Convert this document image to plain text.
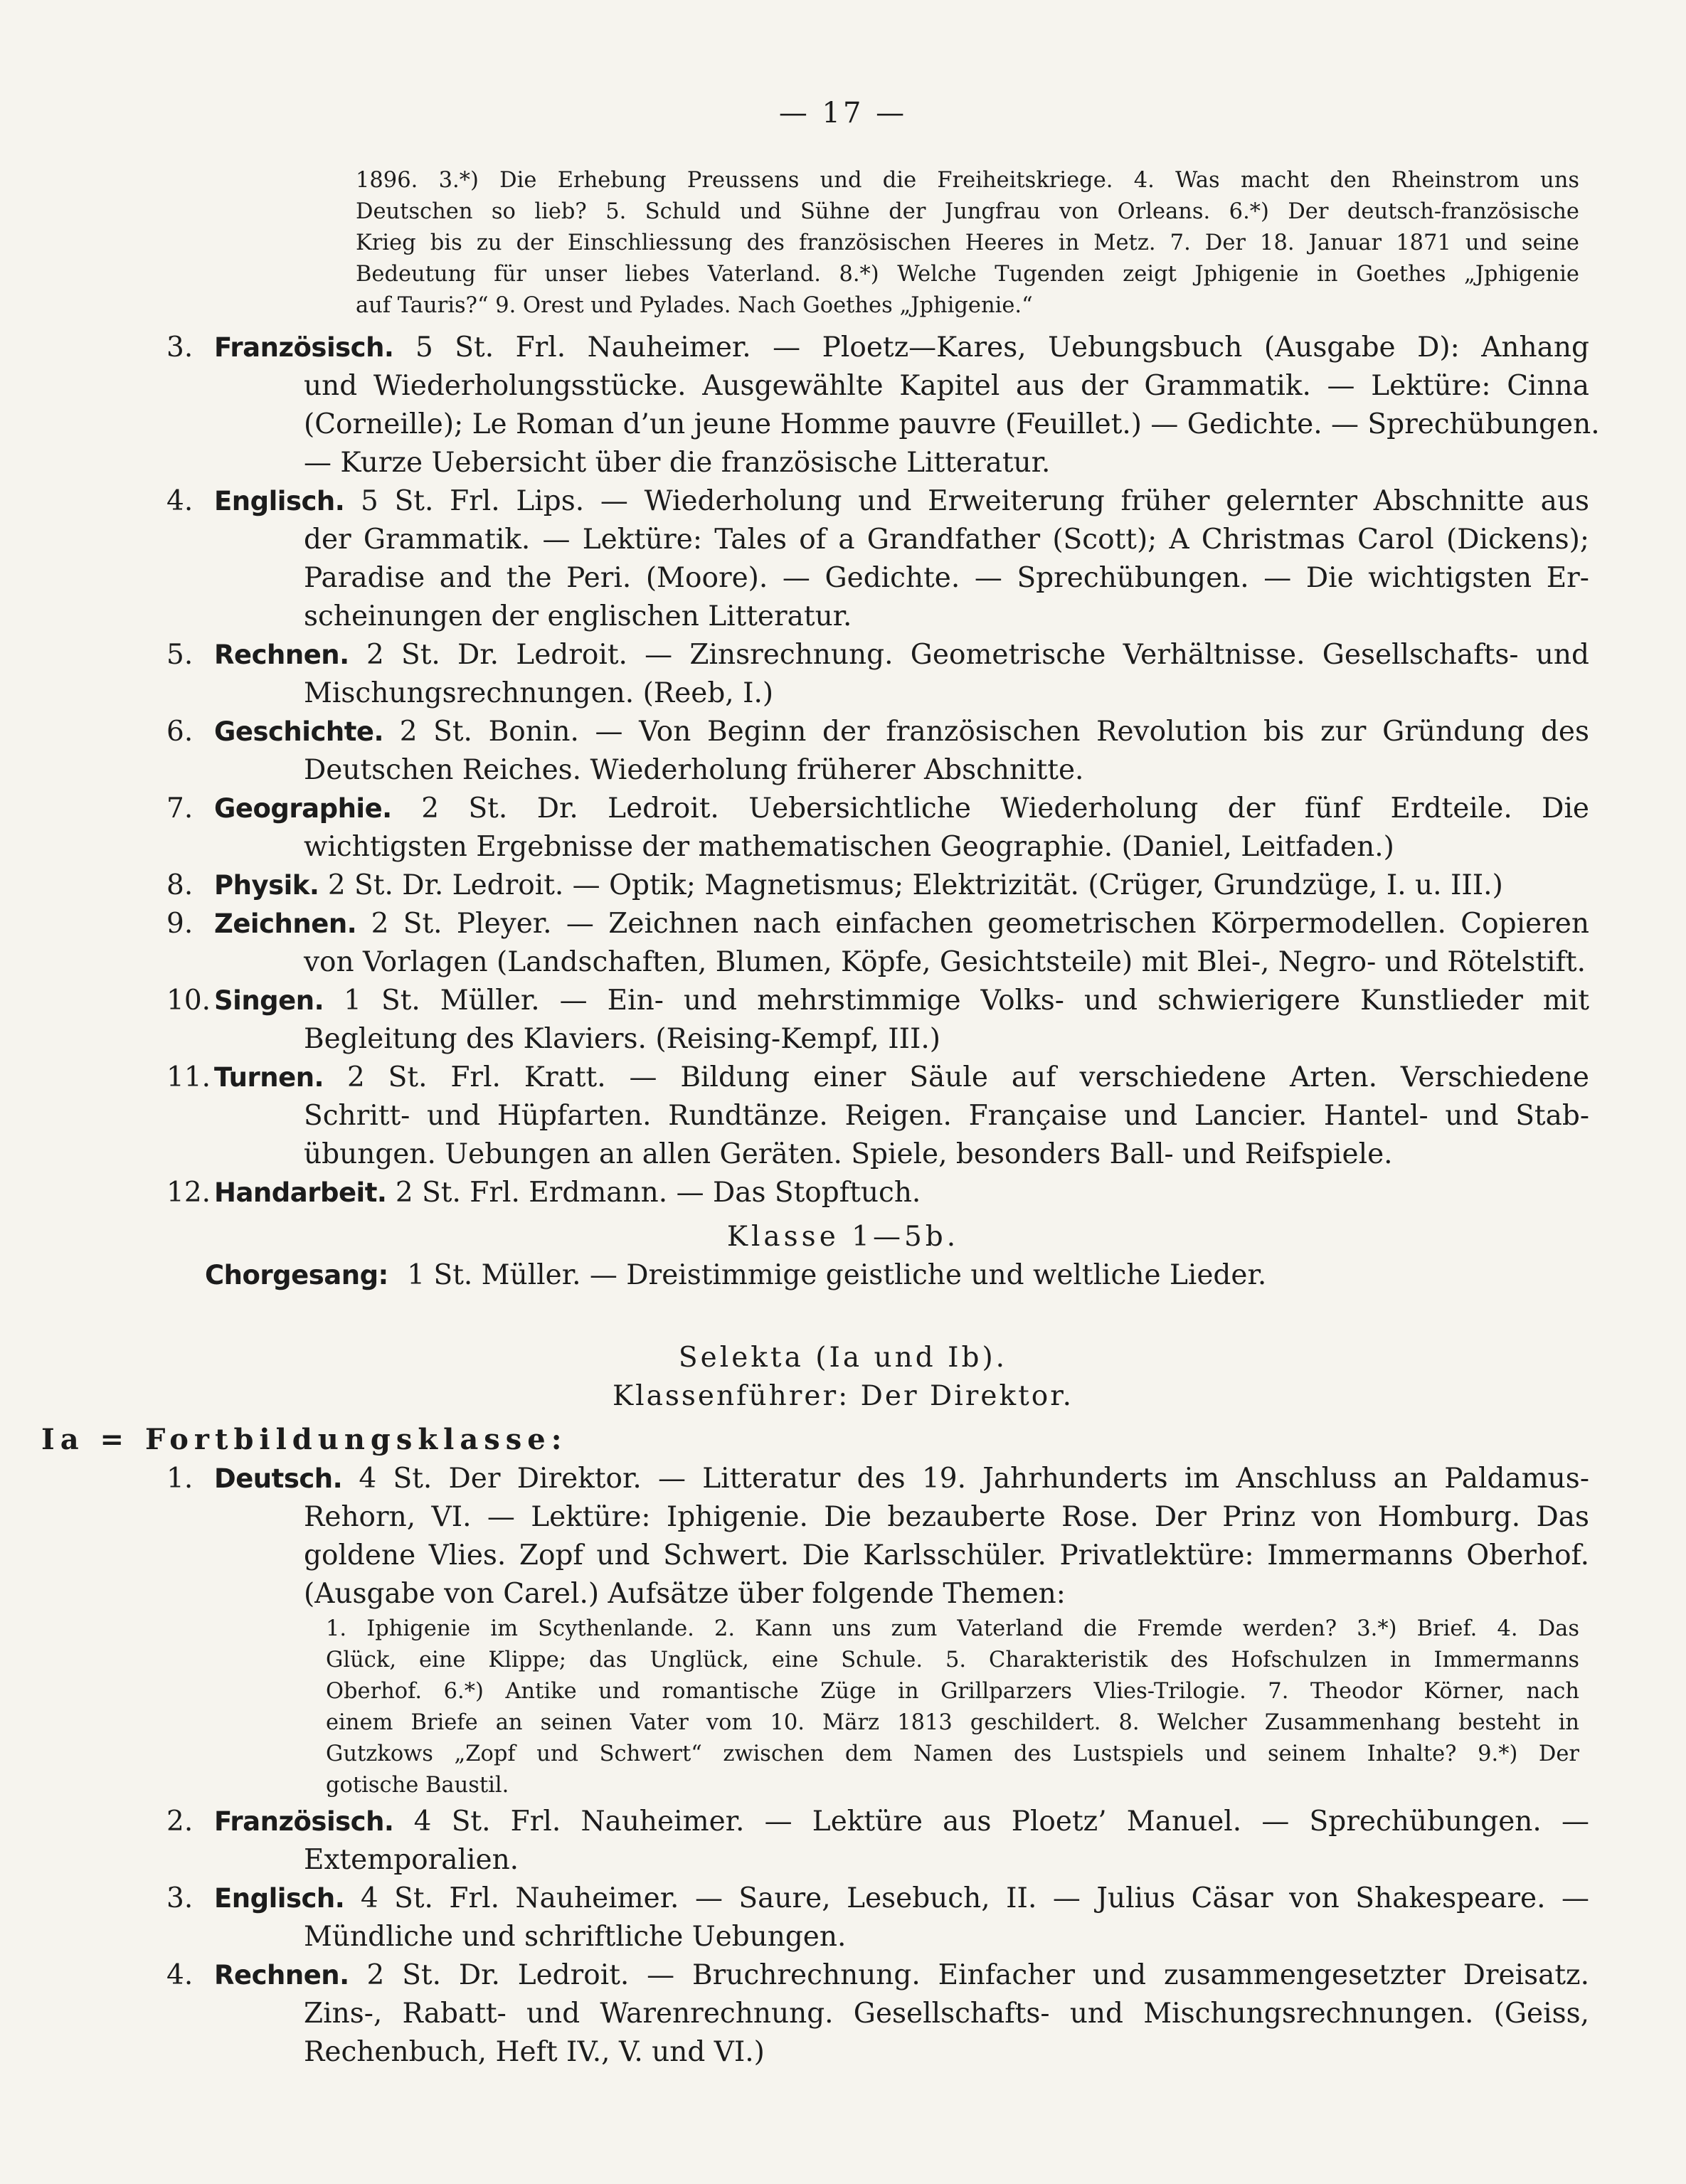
— 17 —
1896. 3.*) Die Erhebung Preussens und die Freiheitskriege. 4. Was macht den Rheinstrom uns
Deutschen so lieb? 5. Schuld und Sühne der Jungfrau von Orleans. 6.*) Der deutsch-französische
Krieg bis zu der Einschliessung des französischen Heeres in Metz. 7. Der 18. Januar 1871 und seine
Bedeutung für unser liebes Vaterland. 8.*) Welche Tugenden zeigt Jphigenie in Goethes „Jphigenie
auf Tauris?“ 9. Orest und Pylades. Nach Goethes „Jphigenie.“
3. Französisch. 5 St. Frl. Nauheimer. — Ploetz—Kares, Uebungsbuch (Ausgabe D): Anhang
und Wiederholungsstücke. Ausgewählte Kapitel aus der Grammatik. — Lektüre: Cinna
(Corneille); Le Roman d’un jeune Homme pauvre (Feuillet.) — Gedichte. — Sprechübungen.
— Kurze Uebersicht über die französische Litteratur.
4. Englisch. 5 St. Frl. Lips. — Wiederholung und Erweiterung früher gelernter Abschnitte aus
der Grammatik. — Lektüre: Tales of a Grandfather (Scott); A Christmas Carol (Dickens);
Paradise and the Peri. (Moore). — Gedichte. — Sprechübungen. — Die wichtigsten Er-
scheinungen der englischen Litteratur.
5. Rechnen. 2 St. Dr. Ledroit. — Zinsrechnung. Geometrische Verhältnisse. Gesellschafts- und
Mischungsrechnungen. (Reeb, I.)
6. Geschichte. 2 St. Bonin. — Von Beginn der französischen Revolution bis zur Gründung des
Deutschen Reiches. Wiederholung früherer Abschnitte.
7. Geographie. 2 St. Dr. Ledroit. Uebersichtliche Wiederholung der fünf Erdteile. Die
wichtigsten Ergebnisse der mathematischen Geographie. (Daniel, Leitfaden.)
8. Physik. 2 St. Dr. Ledroit. — Optik; Magnetismus; Elektrizität. (Crüger, Grundzüge, I. u. III.)
9. Zeichnen. 2 St. Pleyer. — Zeichnen nach einfachen geometrischen Körpermodellen. Copieren
von Vorlagen (Landschaften, Blumen, Köpfe, Gesichtsteile) mit Blei-, Negro- und Rötelstift.
10. Singen. 1 St. Müller. — Ein- und mehrstimmige Volks- und schwierigere Kunstlieder mit
Begleitung des Klaviers. (Reising-Kempf, III.)
11. Turnen. 2 St. Frl. Kratt. — Bildung einer Säule auf verschiedene Arten. Verschiedene
Schritt- und Hüpfarten. Rundtänze. Reigen. Française und Lancier. Hantel- und Stab-
übungen. Uebungen an allen Geräten. Spiele, besonders Ball- und Reifspiele.
12. Handarbeit. 2 St. Frl. Erdmann. — Das Stopftuch.
Klasse 1—5b.
Chorgesang: 1 St. Müller. — Dreistimmige geistliche und weltliche Lieder.
Selekta (Ia und Ib).
Klassenführer: Der Direktor.
Ia = Fortbildungsklasse:
1. Deutsch. 4 St. Der Direktor. — Litteratur des 19. Jahrhunderts im Anschluss an Paldamus-
Rehorn, VI. — Lektüre: Iphigenie. Die bezauberte Rose. Der Prinz von Homburg. Das
goldene Vlies. Zopf und Schwert. Die Karlsschüler. Privatlektüre: Immermanns Oberhof.
(Ausgabe von Carel.) Aufsätze über folgende Themen:
1. Iphigenie im Scythenlande. 2. Kann uns zum Vaterland die Fremde werden? 3.*) Brief. 4. Das
Glück, eine Klippe; das Unglück, eine Schule. 5. Charakteristik des Hofschulzen in Immermanns
Oberhof. 6.*) Antike und romantische Züge in Grillparzers Vlies-Trilogie. 7. Theodor Körner, nach
einem Briefe an seinen Vater vom 10. März 1813 geschildert. 8. Welcher Zusammenhang besteht in
Gutzkows „Zopf und Schwert“ zwischen dem Namen des Lustspiels und seinem Inhalte? 9.*) Der
gotische Baustil.
2. Französisch. 4 St. Frl. Nauheimer. — Lektüre aus Ploetz’ Manuel. — Sprechübungen. —
Extemporalien.
3. Englisch. 4 St. Frl. Nauheimer. — Saure, Lesebuch, II. — Julius Cäsar von Shakespeare. —
Mündliche und schriftliche Uebungen.
4. Rechnen. 2 St. Dr. Ledroit. — Bruchrechnung. Einfacher und zusammengesetzter Dreisatz.
Zins-, Rabatt- und Warenrechnung. Gesellschafts- und Mischungsrechnungen. (Geiss,
Rechenbuch, Heft IV., V. und VI.)
